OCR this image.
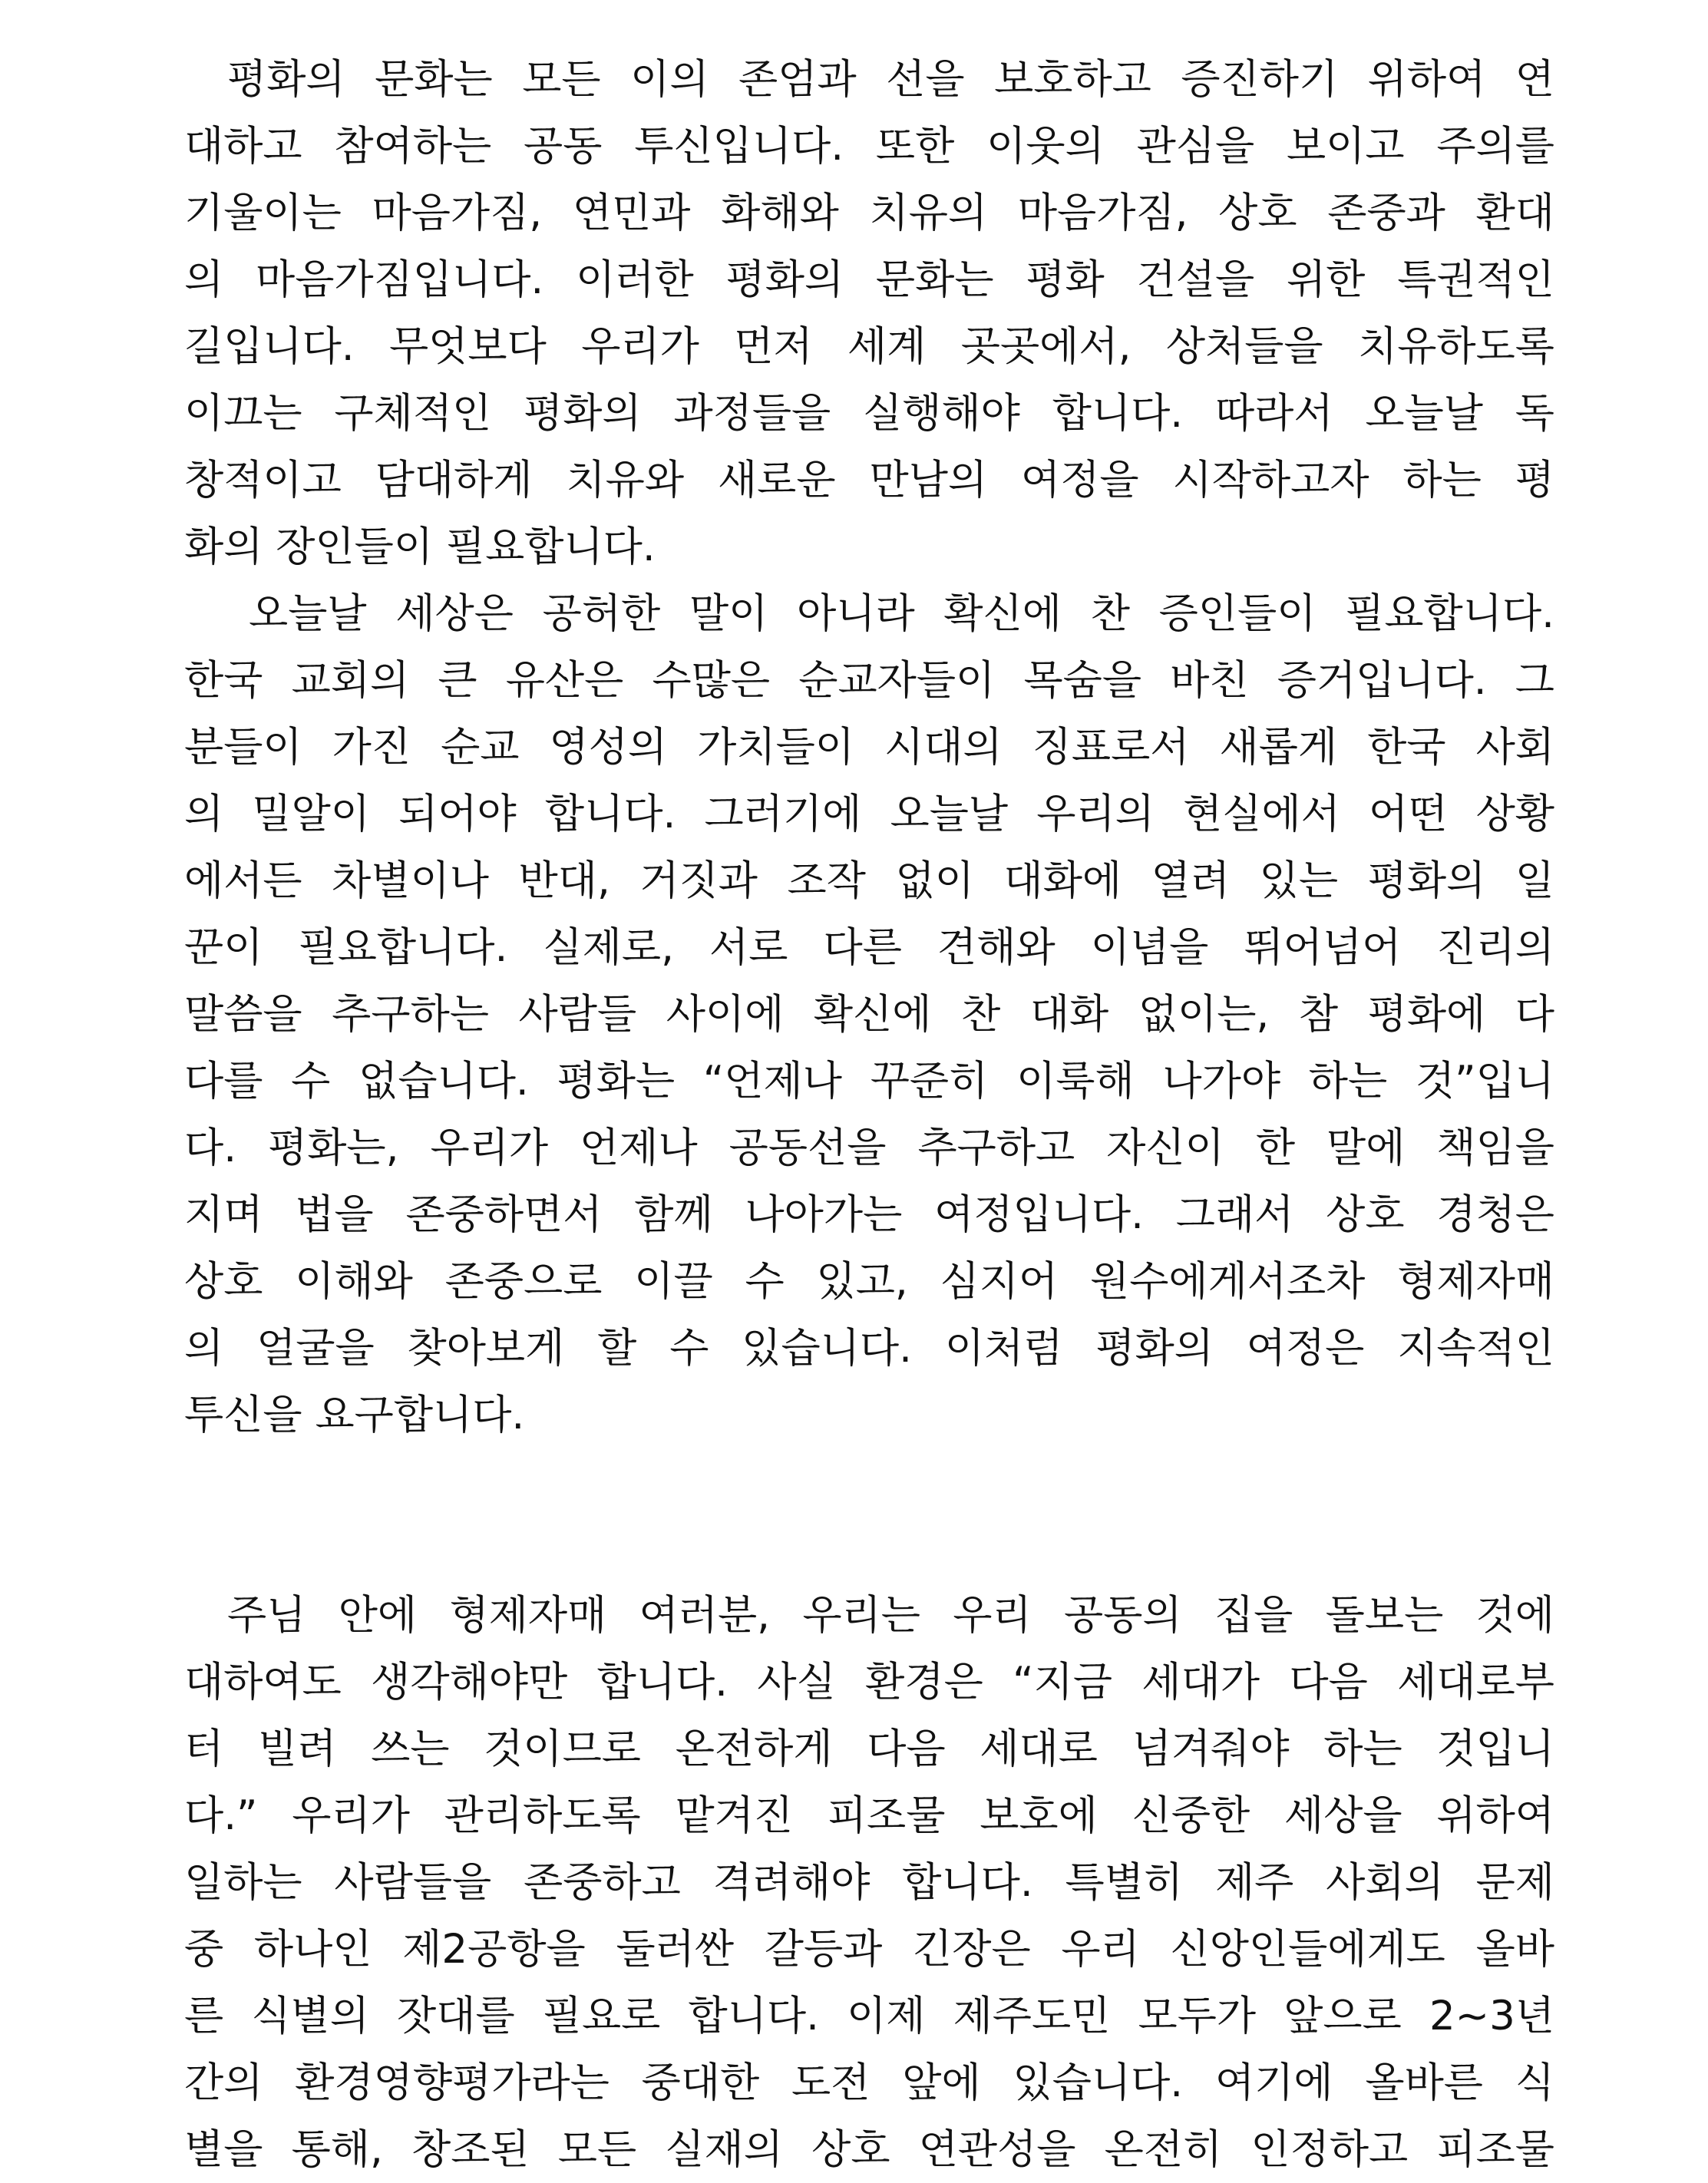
평화의 문화는 모든 이의 존엄과 선을 보호하고 증진하기 위하여 연
대하고 참여하는 공동 투신입니다. 또한 이웃의 관심을 보이고 주의를
기울이는 마음가짐, 연민과 화해와 치유의 마음가짐, 상호 존중과 환대
의 마음가짐입니다. 이러한 평화의 문화는 평화 건설을 위한 특권적인
길입니다. 무엇보다 우리가 먼저 세계 곳곳에서, 상처들을 치유하도록
이끄는 구체적인 평화의 과정들을 실행해야 합니다. 따라서 오늘날 독
창적이고 담대하게 치유와 새로운 만남의 여정을 시작하고자 하는 평
화의 장인들이 필요합니다.
오늘날 세상은 공허한 말이 아니라 확신에 찬 증인들이 필요합니다.
한국 교회의 큰 유산은 수많은 순교자들이 목숨을 바친 증거입니다. 그
분들이 가진 순교 영성의 가치들이 시대의 징표로서 새롭게 한국 사회
의 밀알이 되어야 합니다. 그러기에 오늘날 우리의 현실에서 어떤 상황
에서든 차별이나 반대, 거짓과 조작 없이 대화에 열려 있는 평화의 일
꾼이 필요합니다. 실제로, 서로 다른 견해와 이념을 뛰어넘어 진리의
말씀을 추구하는 사람들 사이에 확신에 찬 대화 없이는, 참 평화에 다
다를 수 없습니다. 평화는 “언제나 꾸준히 이룩해 나가야 하는 것”입니
다. 평화는, 우리가 언제나 공동선을 추구하고 자신이 한 말에 책임을
지며 법을 존중하면서 함께 나아가는 여정입니다. 그래서 상호 경청은
상호 이해와 존중으로 이끌 수 있고, 심지어 원수에게서조차 형제자매
의 얼굴을 찾아보게 할 수 있습니다. 이처럼 평화의 여정은 지속적인
투신을 요구합니다.
주님 안에 형제자매 여러분, 우리는 우리 공동의 집을 돌보는 것에
대하여도 생각해야만 합니다. 사실 환경은 “지금 세대가 다음 세대로부
터 빌려 쓰는 것이므로 온전하게 다음 세대로 넘겨줘야 하는 것입니
다.” 우리가 관리하도록 맡겨진 피조물 보호에 신중한 세상을 위하여
일하는 사람들을 존중하고 격려해야 합니다. 특별히 제주 사회의 문제
중 하나인 제2공항을 둘러싼 갈등과 긴장은 우리 신앙인들에게도 올바
른 식별의 잣대를 필요로 합니다. 이제 제주도민 모두가 앞으로 2~3년
간의 환경영향평가라는 중대한 도전 앞에 있습니다. 여기에 올바른 식
별을 통해, 창조된 모든 실재의 상호 연관성을 온전히 인정하고 피조물
